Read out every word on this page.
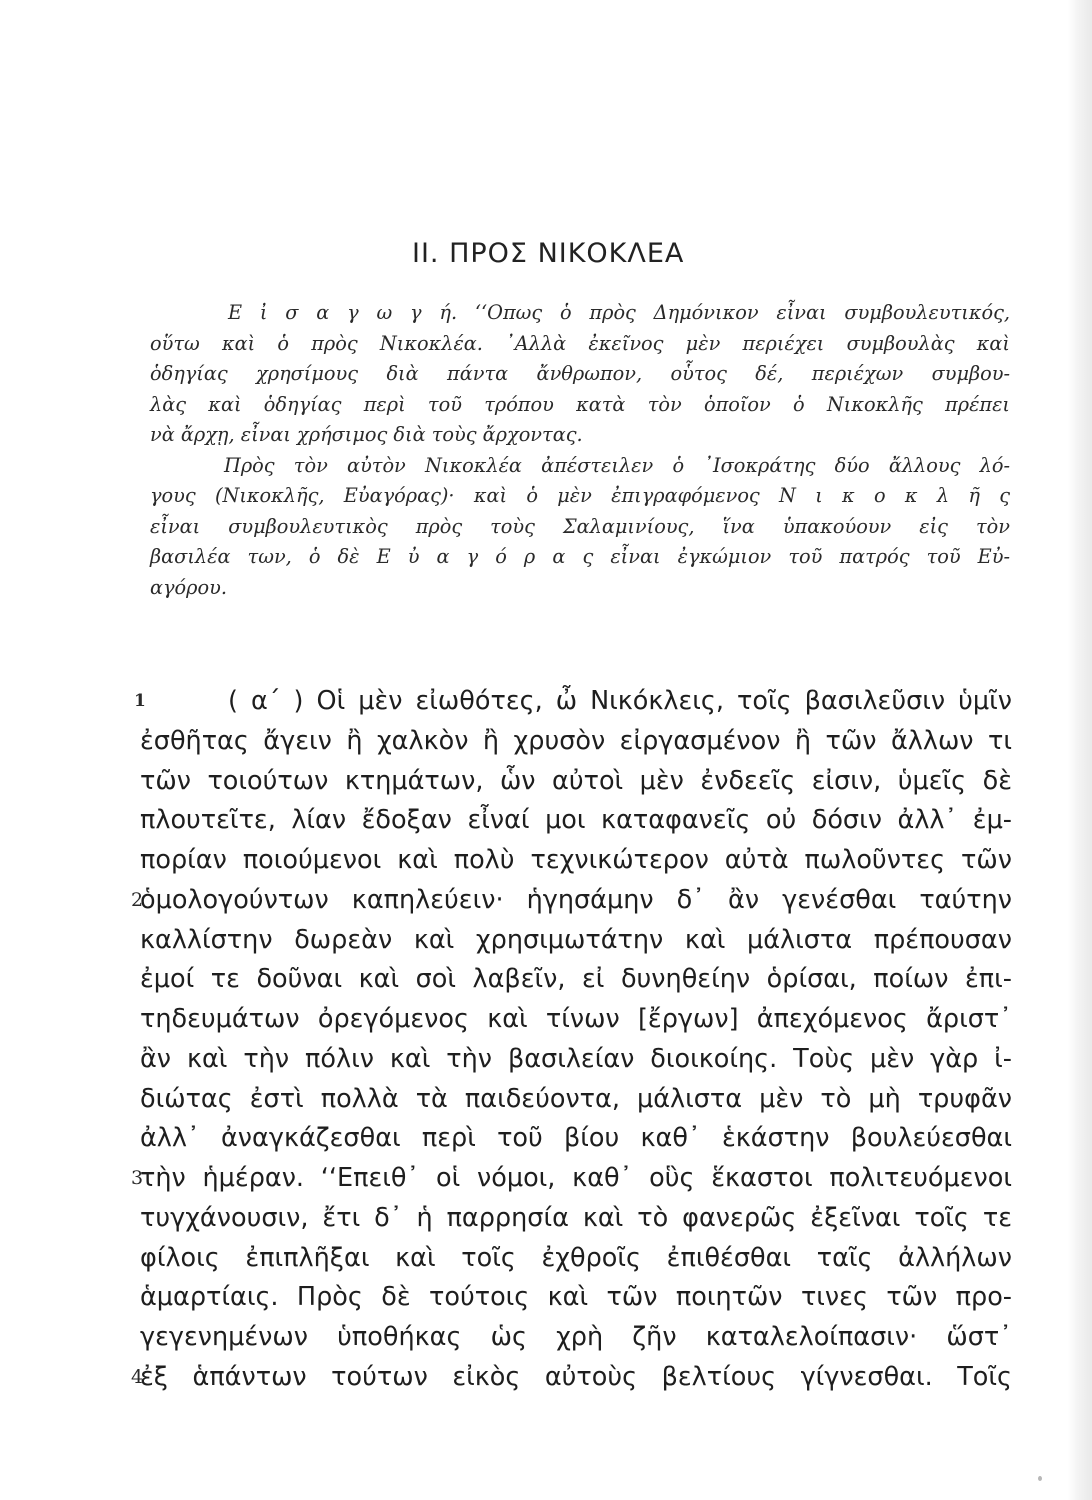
II. ΠΡΟΣ ΝΙΚΟΚΛΕΑ
Ε ἰ σ α γ ω γ ή. ʻʻΟπως ὁ πρὸς Δημόνικον εἶναι συμβουλευτικός,
οὕτω καὶ ὁ πρὸς Νικοκλέα. ᾽Αλλὰ ἐκεῖνος μὲν περιέχει συμβουλὰς καὶ
ὁδηγίας χρησίμους διὰ πάντα ἄνθρωπον, οὗτος δέ, περιέχων συμβου-
λὰς καὶ ὁδηγίας περὶ τοῦ τρόπου κατὰ τὸν ὁποῖον ὁ Νικοκλῆς πρέπει
νὰ ἄρχῃ, εἶναι χρήσιμος διὰ τοὺς ἄρχοντας.
Πρὸς τὸν αὐτὸν Νικοκλέα ἀπέστειλεν ὁ ᾽Ισοκράτης δύο ἄλλους λό-
γους (Νικοκλῆς, Εὐαγόρας)· καὶ ὁ μὲν ἐπιγραφόμενος Ν ι κ ο κ λ ῆ ς
εἶναι συμβουλευτικὸς πρὸς τοὺς Σαλαμινίους, ἵνα ὑπακούουν εἰς τὸν
βασιλέα των, ὁ δὲ Ε ὐ α γ ό ρ α ς εἶναι ἐγκώμιον τοῦ πατρός τοῦ Εὐ-
αγόρου.
1	( α΄ ) Οἱ μὲν εἰωθότες, ὦ Νικόκλεις, τοῖς βασιλεῦσιν ὑμῖν
ἐσθῆτας ἄγειν ἢ χαλκὸν ἢ χρυσὸν εἰργασμένον ἢ τῶν ἄλλων τι
τῶν τοιούτων κτημάτων, ὧν αὐτοὶ μὲν ἐνδεεῖς εἰσιν, ὑμεῖς δὲ
πλουτεῖτε, λίαν ἔδοξαν εἶναί μοι καταφανεῖς οὐ δόσιν ἀλλ᾽ ἐμ-
πορίαν ποιούμενοι καὶ πολὺ τεχνικώτερον αὐτὰ πωλοῦντες τῶν
2
ὁμολογούντων καπηλεύειν· ἡγησάμην δ᾽ ἂν γενέσθαι ταύτην
καλλίστην δωρεὰν καὶ χρησιμωτάτην καὶ μάλιστα πρέπουσαν
ἐμοί τε δοῦναι καὶ σοὶ λαβεῖν, εἰ δυνηθείην ὁρίσαι, ποίων ἐπι-
τηδευμάτων ὀρεγόμενος καὶ τίνων [ἔργων] ἀπεχόμενος ἄριστ᾽
ἂν καὶ τὴν πόλιν καὶ τὴν βασιλείαν διοικοίης. Τοὺς μὲν γὰρ ἰ-
διώτας ἐστὶ πολλὰ τὰ παιδεύοντα, μάλιστα μὲν τὸ μὴ τρυφᾶν
ἀλλ᾽ ἀναγκάζεσθαι περὶ τοῦ βίου καθ᾽ ἑκάστην βουλεύεσθαι
3
τὴν ἡμέραν. ʻʻΕπειθ᾽ οἱ νόμοι, καθ᾽ οὓς ἕκαστοι πολιτευόμενοι
τυγχάνουσιν, ἔτι δ᾽ ἡ παρρησία καὶ τὸ φανερῶς ἐξεῖναι τοῖς τε
φίλοις ἐπιπλῆξαι καὶ τοῖς ἐχθροῖς ἐπιθέσθαι ταῖς ἀλλήλων
ἁμαρτίαις. Πρὸς δὲ τούτοις καὶ τῶν ποιητῶν τινες τῶν προ-
γεγενημένων ὑποθήκας ὡς χρὴ ζῆν καταλελοίπασιν· ὥστ᾽
4
ἐξ ἁπάντων τούτων εἰκὸς αὐτοὺς βελτίους γίγνεσθαι. Τοῖς
